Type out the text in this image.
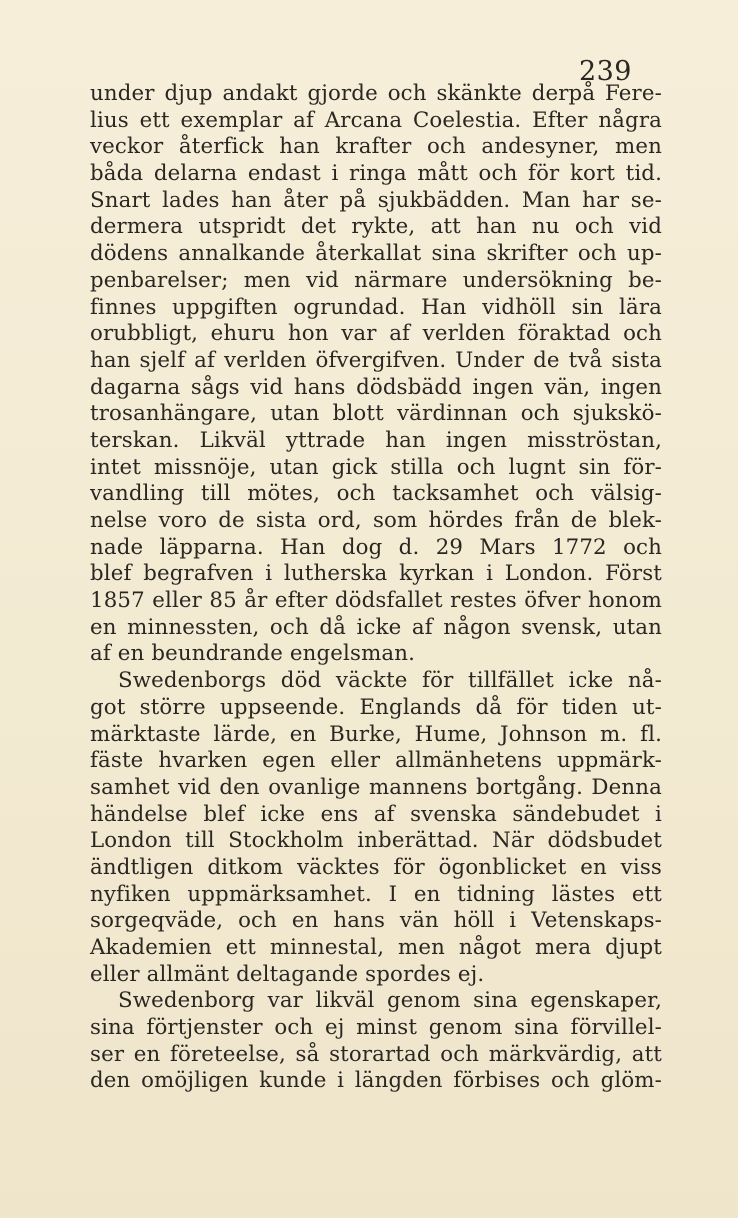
239
under djup andakt gjorde och skänkte derpå Fere-
lius ett exemplar af Arcana Coelestia. Efter några
veckor återfick han krafter och andesyner, men
båda delarna endast i ringa mått och för kort tid.
Snart lades han åter på sjukbädden. Man har se-
dermera utspridt det rykte, att han nu och vid
dödens annalkande återkallat sina skrifter och up-
penbarelser; men vid närmare undersökning be-
finnes uppgiften ogrundad. Han vidhöll sin lära
orubbligt, ehuru hon var af verlden föraktad och
han sjelf af verlden öfvergifven. Under de två sista
dagarna sågs vid hans dödsbädd ingen vän, ingen
trosanhängare, utan blott värdinnan och sjukskö-
terskan. Likväl yttrade han ingen misströstan,
intet missnöje, utan gick stilla och lugnt sin för-
vandling till mötes, och tacksamhet och välsig-
nelse voro de sista ord, som hördes från de blek-
nade läpparna. Han dog d. 29 Mars 1772 och
blef begrafven i lutherska kyrkan i London. Först
1857 eller 85 år efter dödsfallet restes öfver honom
en minnessten, och då icke af någon svensk, utan
af en beundrande engelsman.
Swedenborgs död väckte för tillfället icke nå-
got större uppseende. Englands då för tiden ut-
märktaste lärde, en Burke, Hume, Johnson m. fl.
fäste hvarken egen eller allmänhetens uppmärk-
samhet vid den ovanlige mannens bortgång. Denna
händelse blef icke ens af svenska sändebudet i
London till Stockholm inberättad. När dödsbudet
ändtligen ditkom väcktes för ögonblicket en viss
nyfiken uppmärksamhet. I en tidning lästes ett
sorgeqväde, och en hans vän höll i Vetenskaps-
Akademien ett minnestal, men något mera djupt
eller allmänt deltagande spordes ej.
Swedenborg var likväl genom sina egenskaper,
sina förtjenster och ej minst genom sina förvillel-
ser en företeelse, så storartad och märkvärdig, att
den omöjligen kunde i längden förbises och glöm-
